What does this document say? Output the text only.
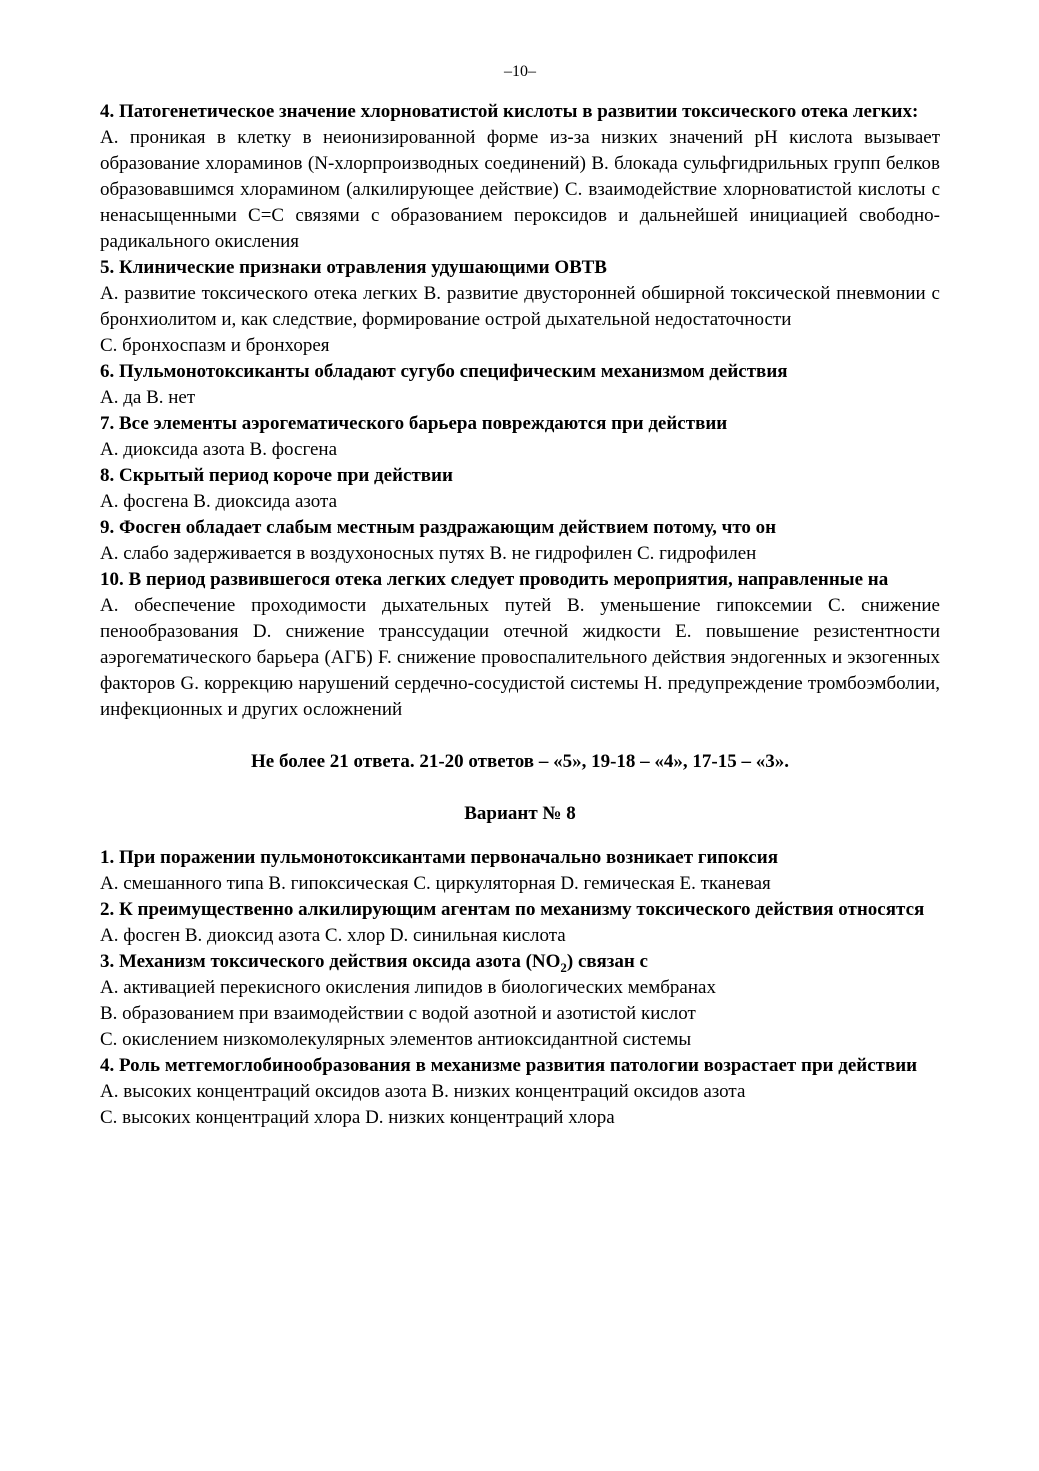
–10–

4. Патогенетическое значение хлорноватистой кислоты в развитии токсического отека легких:

A. проникая в клетку в неионизированной форме из-за низких значений pH кислота вызывает образование хлораминов (N-хлорпроизводных соединений) B. блокада сульфгидрильных групп белков образовавшимся хлорамином (алкилирующее действие) C. взаимодействие хлорноватистой кислоты с ненасыщенными С=С связями с образованием пероксидов и дальнейшей инициацией свободно-радикального окисления

5. Клинические признаки отравления удушающими ОВТВ

A. развитие токсического отека легких B. развитие двусторонней обширной токсической пневмонии с бронхиолитом и, как следствие, формирование острой дыхательной недостаточности

C. бронхоспазм и бронхорея

6. Пульмонотоксиканты обладают сугубо специфическим механизмом действия

A. да B. нет

7. Все элементы аэрогематического барьера повреждаются при действии

A. диоксида азота B. фосгена

8. Скрытый период короче при действии

A. фосгена B. диоксида азота

9. Фосген обладает слабым местным раздражающим действием потому, что он

A. слабо задерживается в воздухоносных путях B. не гидрофилен C. гидрофилен

10. В период развившегося отека легких следует проводить мероприятия, направленные на

A. обеспечение проходимости дыхательных путей B. уменьшение гипоксемии C. снижение пенообразования D. снижение транссудации отечной жидкости E. повышение резистентности аэрогематического барьера (АГБ) F. снижение провоспалительного действия эндогенных и экзогенных факторов G. коррекцию нарушений сердечно-сосудистой системы H. предупреждение тромбоэмболии, инфекционных и других осложнений

Не более 21 ответа. 21-20 ответов – «5», 19-18 – «4», 17-15 – «3».

Вариант № 8

1. При поражении пульмонотоксикантами первоначально возникает гипоксия

A. смешанного типа B. гипоксическая C. циркуляторная D. гемическая E. тканевая

2. К преимущественно алкилирующим агентам по механизму токсического действия относятся

A. фосген B. диоксид азота C. хлор D. синильная кислота

3. Механизм токсического действия оксида азота $(NO_2)$ связан с

A. активацией перекисного окисления липидов в биологических мембранах

B. образованием при взаимодействии с водой азотной и азотистой кислот

C. окислением низкомолекулярных элементов антиоксидантной системы

4. Роль метгемоглобинообразования в механизме развития патологии возрастает при действии

A. высоких концентраций оксидов азота B. низких концентраций оксидов азота

C. высоких концентраций хлора D. низких концентраций хлора
